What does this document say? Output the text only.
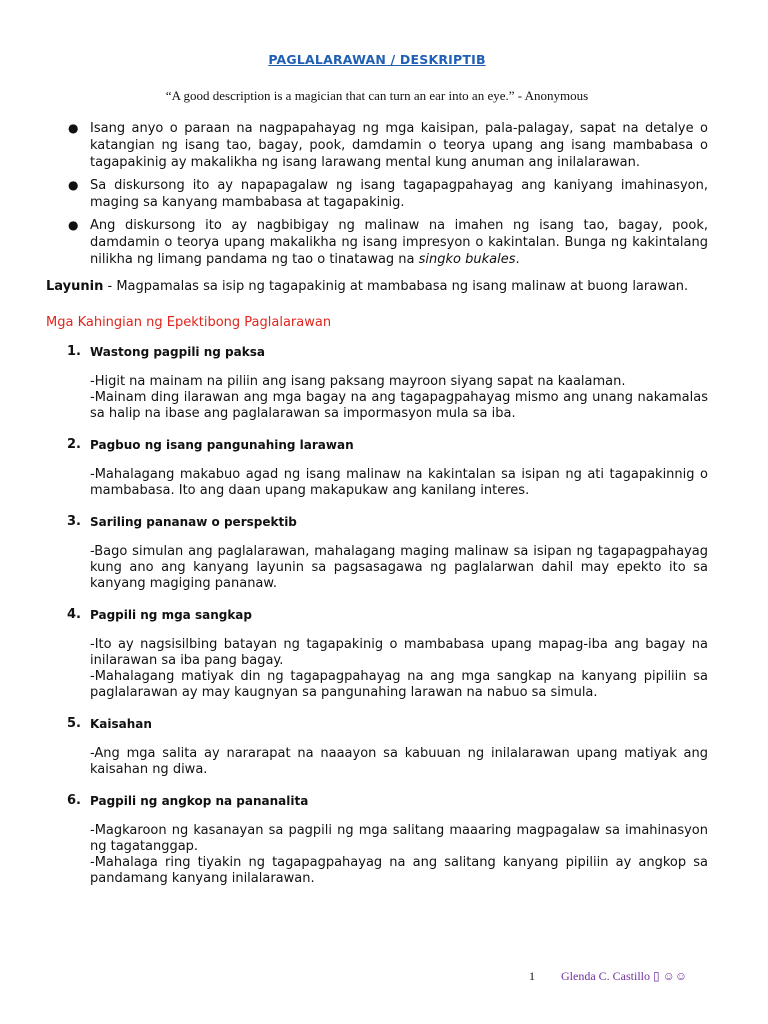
PAGLALARAWAN / DESKRIPTIB
“A good description is a magician that can turn an ear into an eye.” - Anonymous
● Isang anyo o paraan na nagpapahayag ng mga kaisipan, pala-palagay, sapat na detalye o katangian ng isang tao, bagay, pook, damdamin o teorya upang ang isang mambabasa o tagapakinig ay makalikha ng isang larawang mental kung anuman ang inilalarawan.
● Sa diskursong ito ay napapagalaw ng isang tagapagpahayag ang kaniyang imahinasyon, maging sa kanyang mambabasa at tagapakinig.
● Ang diskursong ito ay nagbibigay ng malinaw na imahen ng isang tao, bagay, pook, damdamin o teorya upang makalikha ng isang impresyon o kakintalan. Bunga ng kakintalang nilikha ng limang pandama ng tao o tinatawag na singko bukales.
Layunin - Magpamalas sa isip ng tagapakinig at mambabasa ng isang malinaw at buong larawan.
Mga Kahingian ng Epektibong Paglalarawan
1. Wastong pagpili ng paksa

-Higit na mainam na piliin ang isang paksang mayroon siyang sapat na kaalaman.

-Mainam ding ilarawan ang mga bagay na ang tagapagpahayag mismo ang unang nakamalas sa halip na ibase ang paglalarawan sa impormasyon mula sa iba.

2. Pagbuo ng isang pangunahing larawan

-Mahalagang makabuo agad ng isang malinaw na kakintalan sa isipan ng ati tagapakinnig o mambabasa. Ito ang daan upang makapukaw ang kanilang interes.

3. Sariling pananaw o perspektib

-Bago simulan ang paglalarawan, mahalagang maging malinaw sa isipan ng tagapagpahayag kung ano ang kanyang layunin sa pagsasagawa ng paglalarwan dahil may epekto ito sa kanyang magiging pananaw.

4. Pagpili ng mga sangkap

-Ito ay nagsisilbing batayan ng tagapakinig o mambabasa upang mapag-iba ang bagay na inilarawan sa iba pang bagay.

-Mahalagang matiyak din ng tagapagpahayag na ang mga sangkap na kanyang pipiliin sa paglalarawan ay may kaugnyan sa pangunahing larawan na nabuo sa simula.

5. Kaisahan

-Ang mga salita ay nararapat na naaayon sa kabuuan ng inilalarawan upang matiyak ang kaisahan ng diwa.

6. Pagpili ng angkop na pananalita

-Magkaroon ng kasanayan sa pagpili ng mga salitang maaaring magpagalaw sa imahinasyon ng tagatanggap.

-Mahalaga ring tiyakin ng tagapagpahayag na ang salitang kanyang pipiliin ay angkop sa pandamang kanyang inilalarawan.

1 Glenda C. Castillo ▯ ☺☺
